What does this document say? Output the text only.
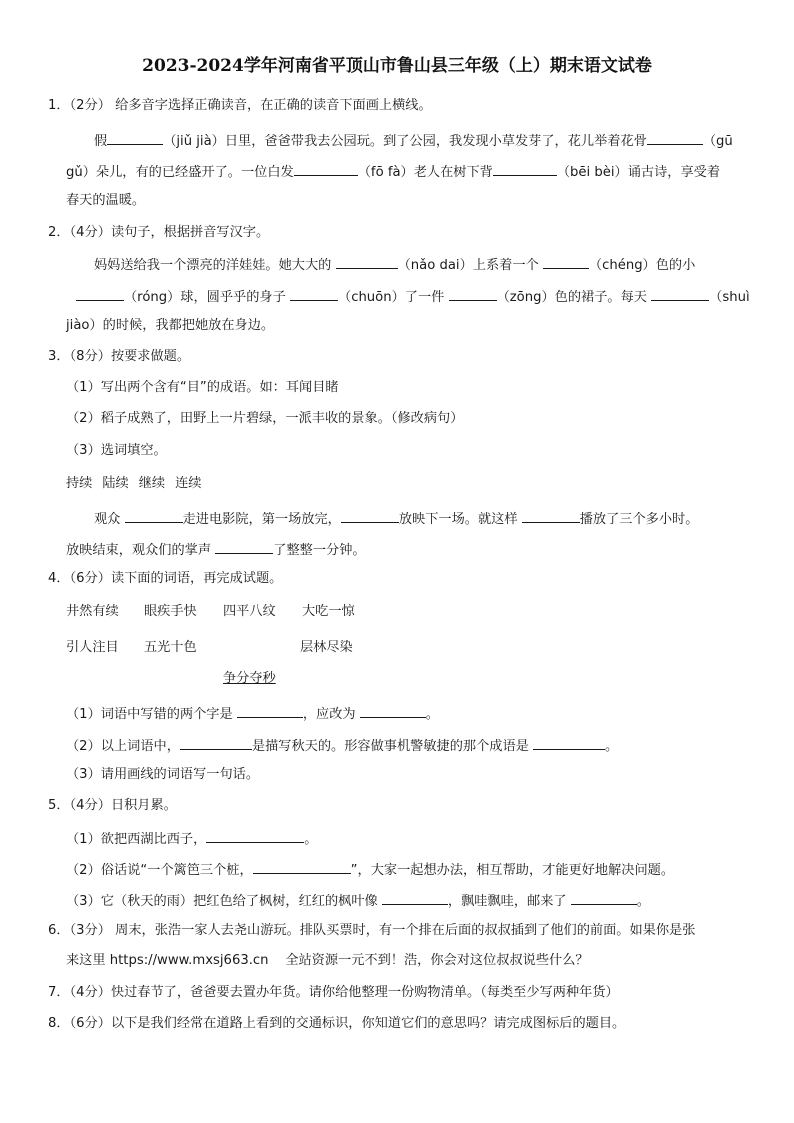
2023-2024学年河南省平顶山市鲁山县三年级（上）期末语文试卷
1．（2分） 给多音字选择正确读音，在正确的读音下面画上横线。
假	（jiǔ jià）日里，爸爸带我去公园玩。到了公园，我发现小草发芽了，花儿举着花骨	（gū
gǔ）朵儿，有的已经盛开了。一位白发	（fō fà）老人在树下背	（bēi bèi）诵古诗，享受着
春天的温暖。
2．（4分）读句子，根据拼音写汉字。
妈妈送给我一个漂亮的洋娃娃。她大大的	（nǎo dai）上系着一个	（chéng）色的小
（róng）球，圆乎乎的身子	（chuōn）了一件	（zōng）色的裙子。每天	（shuì
jiào）的时候，我都把她放在身边。
3．（8分）按要求做题。
（1）写出两个含有“目”的成语。如：耳闻目睹
（2）稻子成熟了，田野上一片碧绿，一派丰收的景象。（修改病句）
（3）选词填空。
持续 陆续 继续 连续
观众	走进电影院，第一场放完，	放映下一场。就这样	播放了三个多小时。
放映结束，观众们的掌声	了整整一分钟。
4．（6分）读下面的词语，再完成试题。
井然有续 眼疾手快 四平八纹 大吃一惊
引人注目 五光十色	层林尽染
争分夺秒
（1）词语中写错的两个字是	，应改为	。
（2）以上词语中，	是描写秋天的。形容做事机警敏捷的那个成语是	。
（3）请用画线的词语写一句话。
5．（4分）日积月累。
（1）欲把西湖比西子，	。
（2）俗话说“一个篱笆三个桩，	”，大家一起想办法，相互帮助，才能更好地解决问题。
（3）它（秋天的雨）把红色给了枫树，红红的枫叶像	，飘哇飘哇，邮来了	。
6．（3分） 周末，张浩一家人去尧山游玩。排队买票时，有一个排在后面的叔叔插到了他们的前面。如果你是张
来这里 https://www.mxsj663.cn 全站资源一元不到！浩，你会对这位叔叔说些什么？
7．（4分）快过春节了，爸爸要去置办年货。请你给他整理一份购物清单。（每类至少写两种年货）
8．（6分）以下是我们经常在道路上看到的交通标识，你知道它们的意思吗？请完成图标后的题目。
